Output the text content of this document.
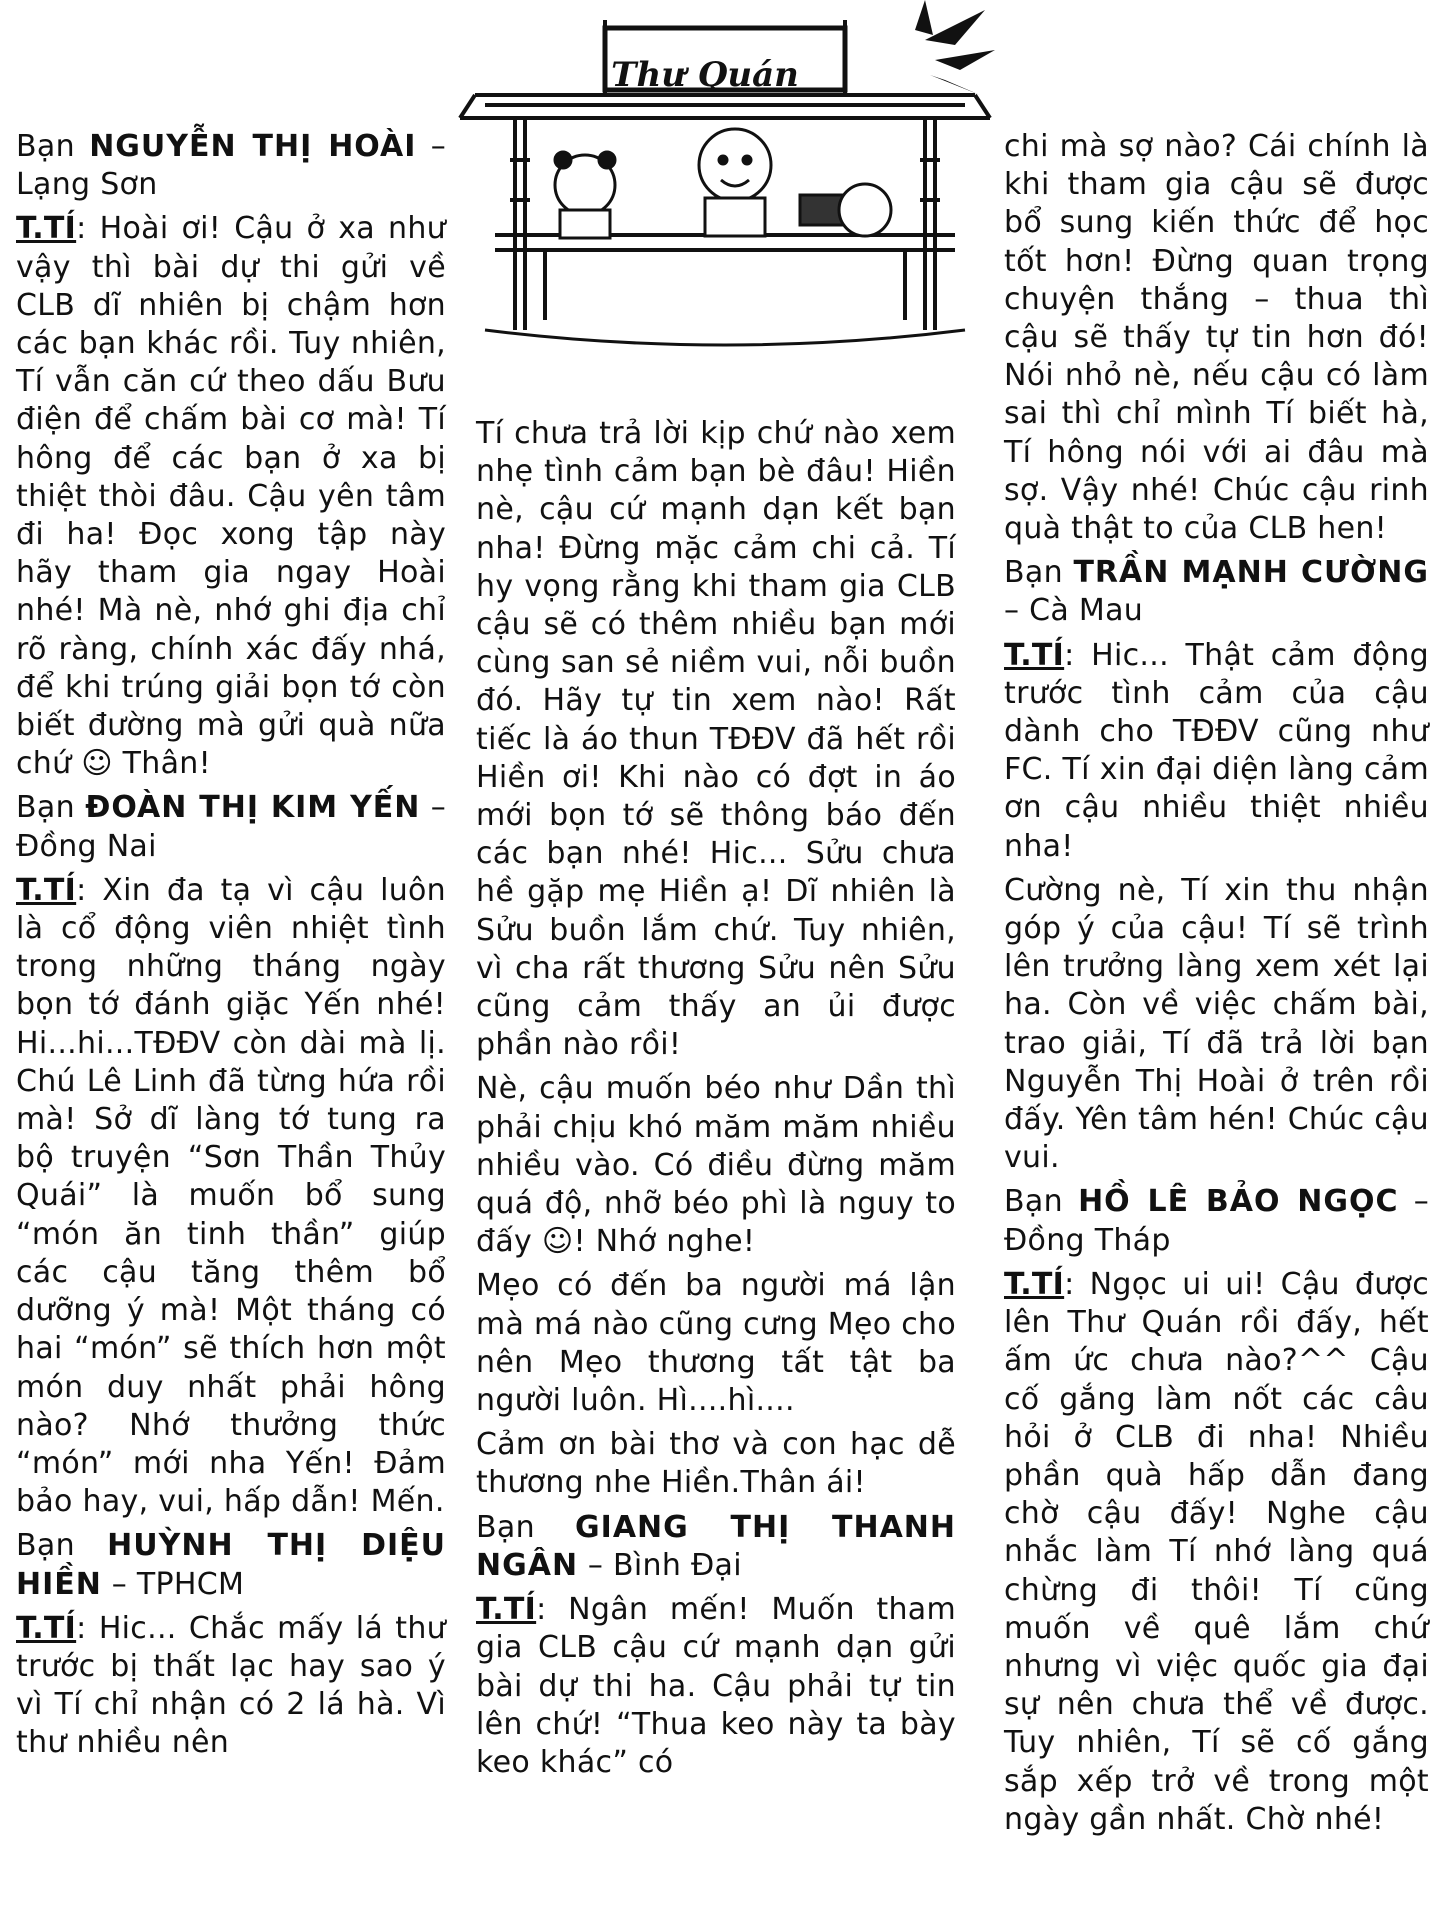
Thư Quán

Bạn NGUYỄN THỊ HOÀI – Lạng Sơn

T.TÍ: Hoài ơi! Cậu ở xa như vậy thì bài dự thi gửi về CLB dĩ nhiên bị chậm hơn các bạn khác rồi. Tuy nhiên, Tí vẫn căn cứ theo dấu Bưu điện để chấm bài cơ mà! Tí hông để các bạn ở xa bị thiệt thòi đâu. Cậu yên tâm đi ha! Đọc xong tập này hãy tham gia ngay Hoài nhé! Mà nè, nhớ ghi địa chỉ rõ ràng, chính xác đấy nhá, để khi trúng giải bọn tớ còn biết đường mà gửi quà nữa chứ ☺ Thân!

Bạn ĐOÀN THỊ KIM YẾN – Đồng Nai

T.TÍ: Xin đa tạ vì cậu luôn là cổ động viên nhiệt tình trong những tháng ngày bọn tớ đánh giặc Yến nhé! Hi...hi...TĐĐV còn dài mà lị. Chú Lê Linh đã từng hứa rồi mà! Sở dĩ làng tớ tung ra bộ truyện “Sơn Thần Thủy Quái” là muốn bổ sung “món ăn tinh thần” giúp các cậu tăng thêm bổ dưỡng ý mà! Một tháng có hai “món” sẽ thích hơn một món duy nhất phải hông nào? Nhớ thưởng thức “món” mới nha Yến! Đảm bảo hay, vui, hấp dẫn! Mến.

Bạn HUỲNH THỊ DIỆU HIỀN – TPHCM

T.TÍ: Hic... Chắc mấy lá thư trước bị thất lạc hay sao ý vì Tí chỉ nhận có 2 lá hà. Vì thư nhiều nên

Tí chưa trả lời kịp chứ nào xem nhẹ tình cảm bạn bè đâu! Hiền nè, cậu cứ mạnh dạn kết bạn nha! Đừng mặc cảm chi cả. Tí hy vọng rằng khi tham gia CLB cậu sẽ có thêm nhiều bạn mới cùng san sẻ niềm vui, nỗi buồn đó. Hãy tự tin xem nào! Rất tiếc là áo thun TĐĐV đã hết rồi Hiền ơi! Khi nào có đợt in áo mới bọn tớ sẽ thông báo đến các bạn nhé! Hic... Sửu chưa hề gặp mẹ Hiền ạ! Dĩ nhiên là Sửu buồn lắm chứ. Tuy nhiên, vì cha rất thương Sửu nên Sửu cũng cảm thấy an ủi được phần nào rồi!

Nè, cậu muốn béo như Dần thì phải chịu khó măm măm nhiều nhiều vào. Có điều đừng măm quá độ, nhỡ béo phì là nguy to đấy ☺! Nhớ nghe!

Mẹo có đến ba người má lận mà má nào cũng cưng Mẹo cho nên Mẹo thương tất tật ba người luôn. Hì....hì....

Cảm ơn bài thơ và con hạc dễ thương nhe Hiền.Thân ái!

Bạn GIANG THỊ THANH NGÂN – Bình Đại

T.TÍ: Ngân mến! Muốn tham gia CLB cậu cứ mạnh dạn gửi bài dự thi ha. Cậu phải tự tin lên chứ! “Thua keo này ta bày keo khác” có

chi mà sợ nào? Cái chính là khi tham gia cậu sẽ được bổ sung kiến thức để học tốt hơn! Đừng quan trọng chuyện thắng – thua thì cậu sẽ thấy tự tin hơn đó! Nói nhỏ nè, nếu cậu có làm sai thì chỉ mình Tí biết hà, Tí hông nói với ai đâu mà sợ. Vậy nhé! Chúc cậu rinh quà thật to của CLB hen!

Bạn TRẦN MẠNH CƯỜNG – Cà Mau

T.TÍ: Hic... Thật cảm động trước tình cảm của cậu dành cho TĐĐV cũng như FC. Tí xin đại diện làng cảm ơn cậu nhiều thiệt nhiều nha!

Cường nè, Tí xin thu nhận góp ý của cậu! Tí sẽ trình lên trưởng làng xem xét lại ha. Còn về việc chấm bài, trao giải, Tí đã trả lời bạn Nguyễn Thị Hoài ở trên rồi đấy. Yên tâm hén! Chúc cậu vui.

Bạn HỒ LÊ BẢO NGỌC – Đồng Tháp

T.TÍ: Ngọc ui ui! Cậu được lên Thư Quán rồi đấy, hết ấm ức chưa nào?^^ Cậu cố gắng làm nốt các câu hỏi ở CLB đi nha! Nhiều phần quà hấp dẫn đang chờ cậu đấy! Nghe cậu nhắc làm Tí nhớ làng quá chừng đi thôi! Tí cũng muốn về quê lắm chứ nhưng vì việc quốc gia đại sự nên chưa thể về được. Tuy nhiên, Tí sẽ cố gắng sắp xếp trở về trong một ngày gần nhất. Chờ nhé!
